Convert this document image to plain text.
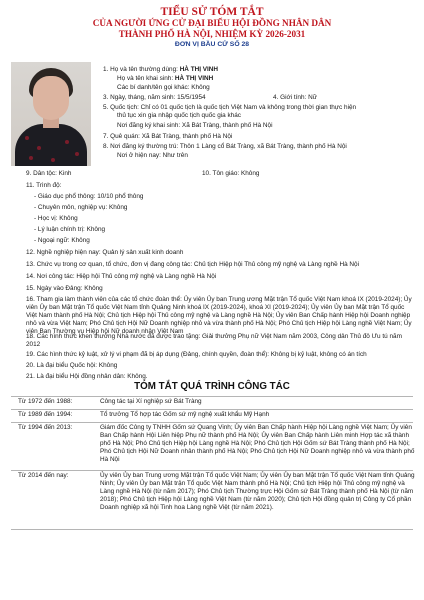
TIỂU SỬ TÓM TẮT
CỦA NGƯỜI ỨNG CỬ ĐẠI BIỂU HỘI ĐỒNG NHÂN DÂN
THÀNH PHỐ HÀ NỘI, NHIỆM KỲ 2026-2031
ĐƠN VỊ BẦU CỬ SỐ 28
1. Họ và tên thường dùng: HÀ THỊ VINH
Họ và tên khai sinh: HÀ THỊ VINH
Các bí danh/tên gọi khác: Không
3. Ngày, tháng, năm sinh: 15/5/1954	4. Giới tính: Nữ
5. Quốc tịch: Chỉ có 01 quốc tịch là quốc tịch Việt Nam và không trong thời gian thực hiện
thủ tục xin gia nhập quốc tịch quốc gia khác
Nơi đăng ký khai sinh: Xã Bát Tràng, thành phố Hà Nội
7. Quê quán: Xã Bát Tràng, thành phố Hà Nội
8. Nơi đăng ký thường trú: Thôn 1 Làng cổ Bát Tràng, xã Bát Tràng, thành phố Hà Nội
Nơi ở hiện nay: Như trên
9. Dân tộc: Kinh	10. Tôn giáo: Không
11. Trình độ:
- Giáo dục phổ thông: 10/10 phổ thông
- Chuyên môn, nghiệp vụ: Không
- Học vị: Không
- Lý luận chính trị: Không
- Ngoại ngữ: Không
12. Nghề nghiệp hiện nay: Quản lý sản xuất kinh doanh
13. Chức vụ trong cơ quan, tổ chức, đơn vị đang công tác: Chủ tịch Hiệp hội Thủ công mỹ nghệ và Làng nghề Hà Nội
14. Nơi công tác: Hiệp hội Thủ công mỹ nghệ và Làng nghề Hà Nội
15. Ngày vào Đảng: Không
16. Tham gia làm thành viên của các tổ chức đoàn thể: Ủy viên Ủy ban Trung ương Mặt trận Tổ quốc Việt Nam khoá IX (2019-2024); Ủy viên Ủy ban Mặt trận Tổ quốc Việt Nam tỉnh Quảng Ninh khoá IX (2019-2024), khoá XI (2019-2024); Ủy viên Ủy ban Mặt trận Tổ quốc Việt Nam thành phố Hà Nội; Chủ tịch Hiệp hội Thủ công mỹ nghệ và Làng nghề Hà Nội; Ủy viên Ban Chấp hành Hiệp hội Doanh nghiệp nhỏ và vừa Việt Nam; Phó Chủ tịch Hội Nữ Doanh nghiệp nhỏ và vừa thành phố Hà Nội; Phó Chủ tịch Hiệp hội Làng nghề Việt Nam; Ủy viên Ban Thường vụ Hiệp hội Nữ doanh nhân Việt Nam
18. Các hình thức khen thưởng Nhà nước đã được trao tặng: Giải thưởng Phụ nữ Việt Nam năm 2003, Công dân Thủ đô Ưu tú năm 2012
19. Các hình thức kỷ luật, xử lý vi phạm đã bị áp dụng (Đảng, chính quyền, đoàn thể): Không bị kỷ luật, không có án tích
20. Là đại biểu Quốc hội: Không
21. Là đại biểu Hội đồng nhân dân: Không.
TÓM TẮT QUÁ TRÌNH CÔNG TÁC
Từ 1972 đến 1988:	Công tác tại Xí nghiệp sứ Bát Tràng
Từ 1989 đến 1994:	Tổ trưởng Tổ hợp tác Gốm sứ mỹ nghệ xuất khẩu Mỹ Hạnh
Từ 1994 đến 2013:	Giám đốc Công ty TNHH Gốm sứ Quang Vinh; Ủy viên Ban Chấp hành Hiệp hội Làng nghề Việt Nam; Ủy viên Ban Chấp hành Hội Liên hiệp Phụ nữ thành phố Hà Nội; Ủy viên Ban Chấp hành Liên minh Hợp tác xã thành phố Hà Nội; Phó Chủ tịch Hiệp hội Làng nghề Hà Nội; Phó Chủ tịch Hội Gốm sứ Bát Tràng thành phố Hà Nội; Phó Chủ tịch Hội Nữ Doanh nhân thành phố Hà Nội; Phó Chủ tịch Hội Nữ Doanh nghiệp nhỏ và vừa thành phố Hà Nội
Từ 2014 đến nay:	Ủy viên Ủy ban Trung ương Mặt trận Tổ quốc Việt Nam; Ủy viên Ủy ban Mặt trận Tổ quốc Việt Nam tỉnh Quảng Ninh; Ủy viên Ủy ban Mặt trận Tổ quốc Việt Nam thành phố Hà Nội; Chủ tịch Hiệp hội Thủ công mỹ nghệ và Làng nghề Hà Nội (từ năm 2017); Phó Chủ tịch Thường trực Hội Gốm sứ Bát Tràng thành phố Hà Nội (từ năm 2018); Phó Chủ tịch Hiệp hội Làng nghề Việt Nam (từ năm 2020); Chủ tịch Hội đồng quản trị Công ty Cổ phần Doanh nghiệp xã hội Tinh hoa Làng nghề Việt (từ năm 2021).
